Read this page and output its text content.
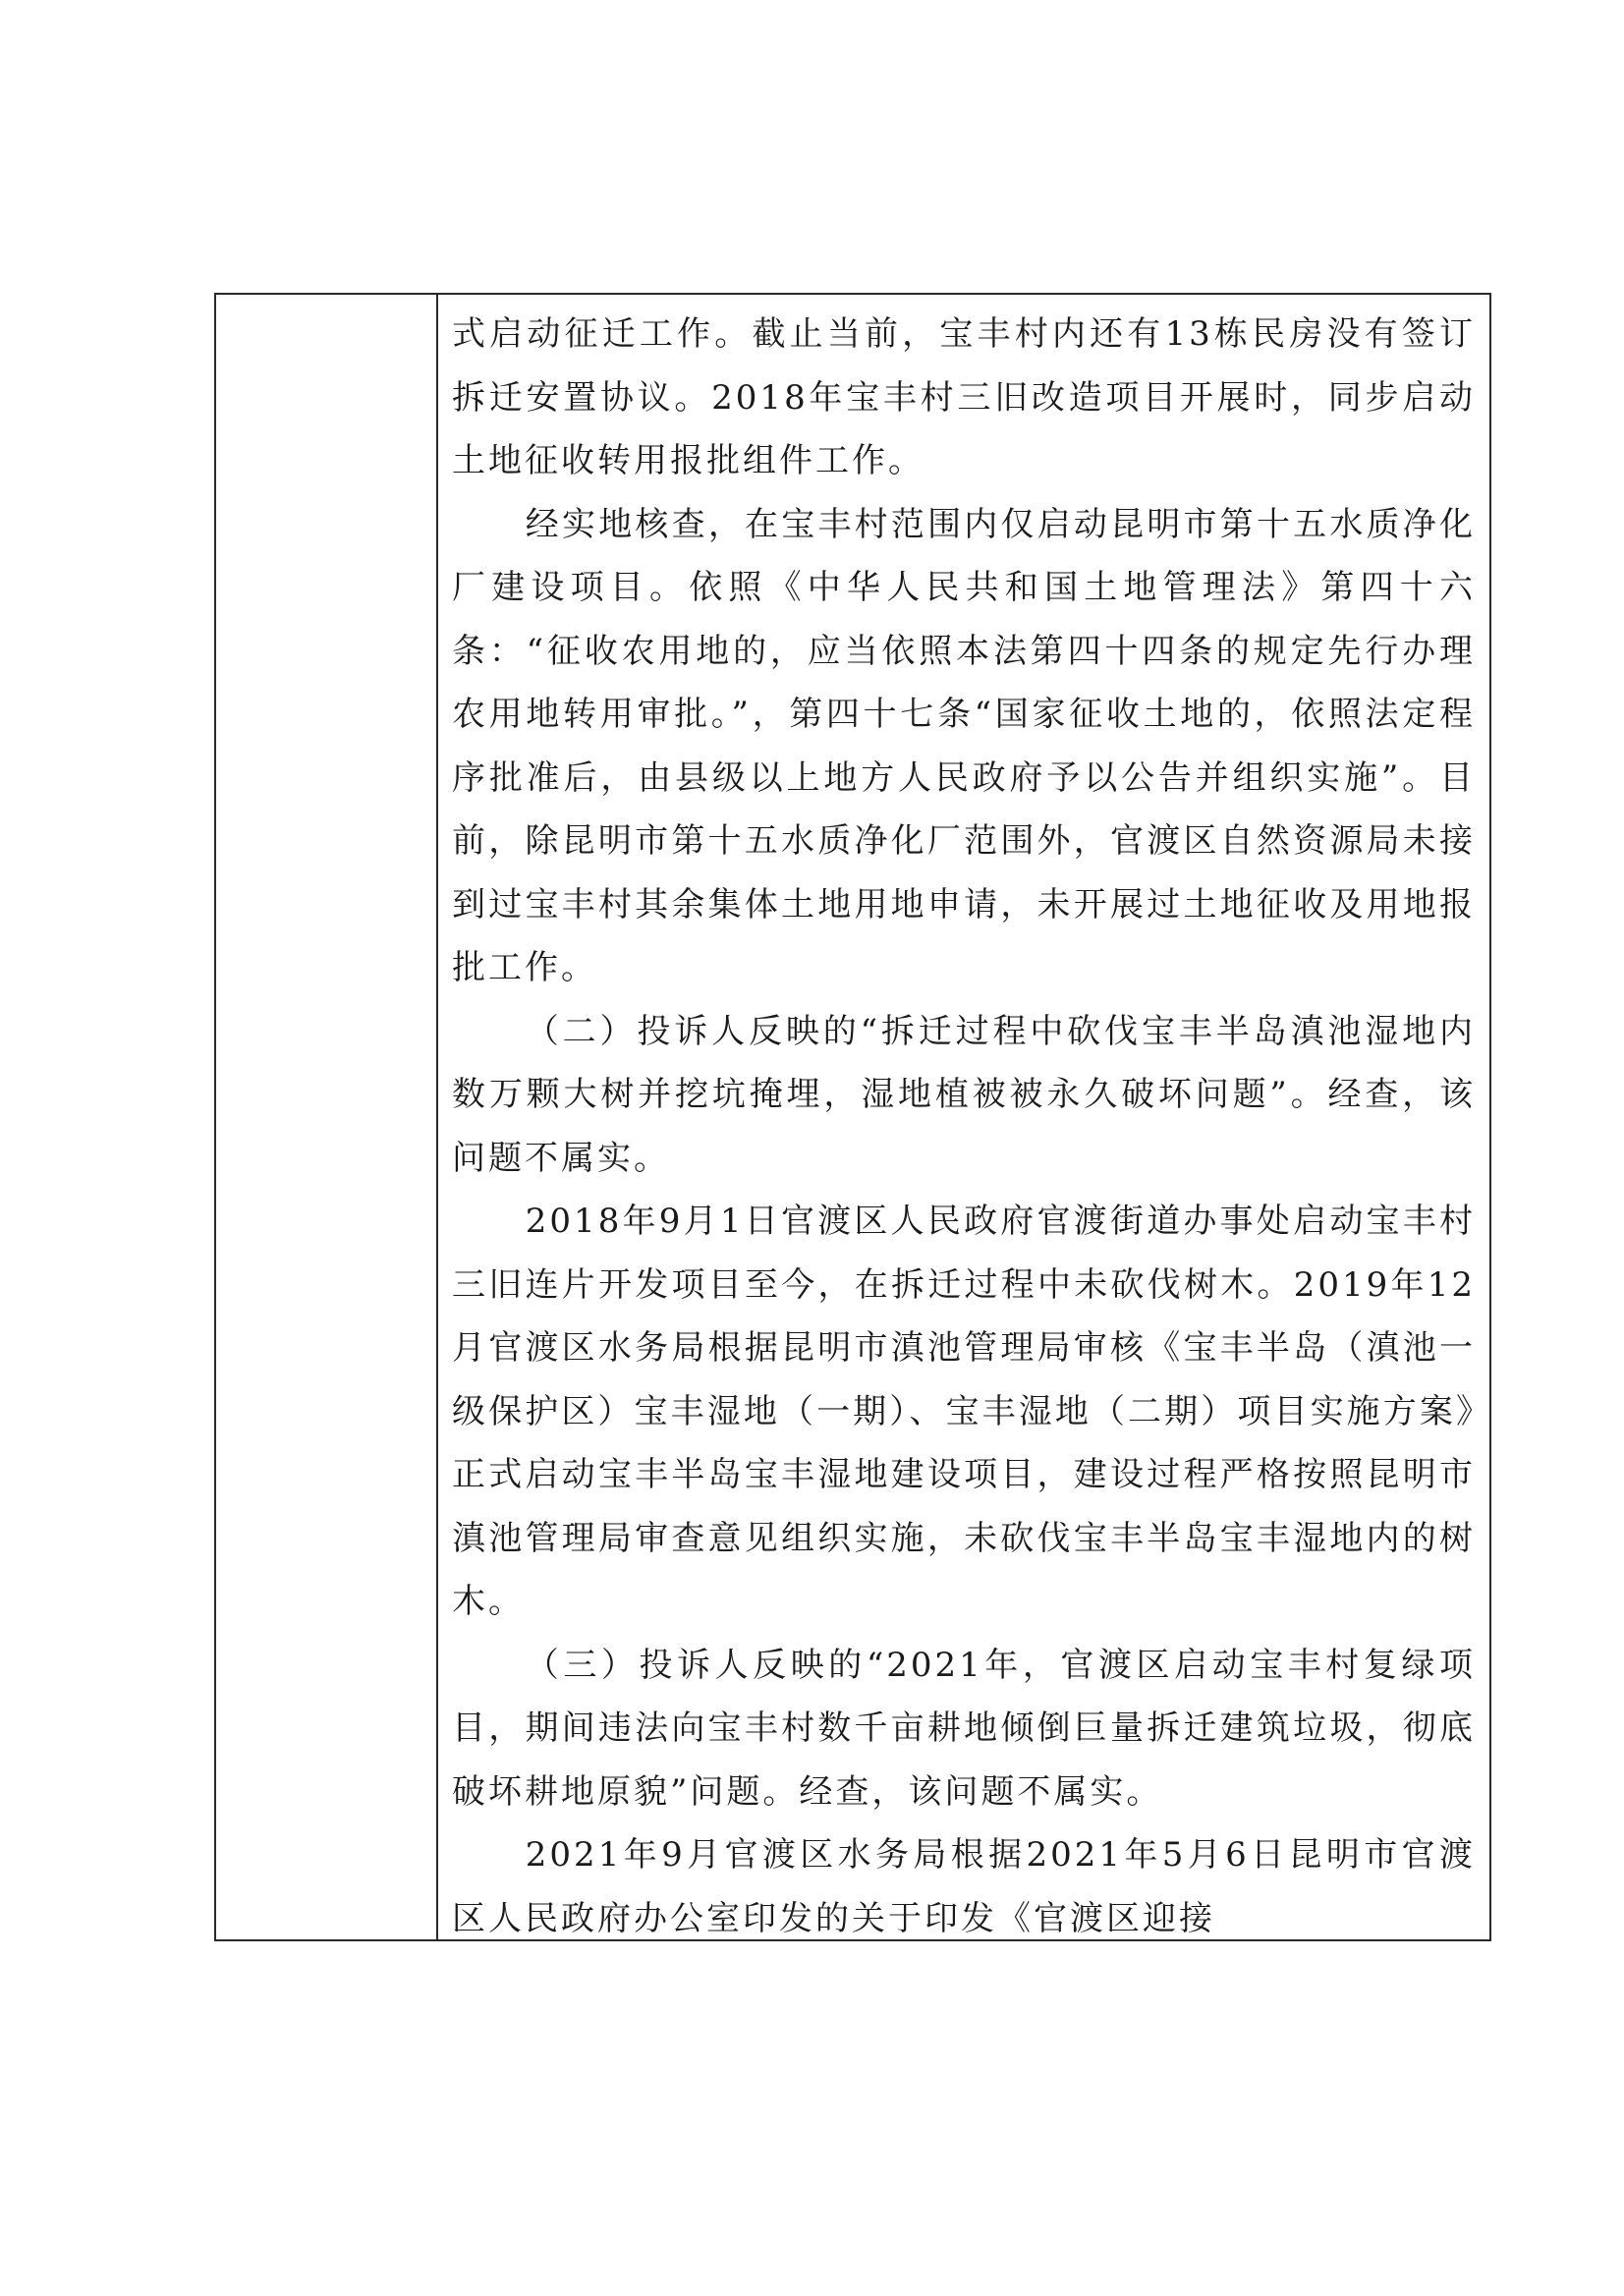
式启动征迁工作。截止当前，宝丰村内还有13栋民房没有签订拆迁安置协议。2018年宝丰村三旧改造项目开展时，同步启动土地征收转用报批组件工作。

经实地核查，在宝丰村范围内仅启动昆明市第十五水质净化厂建设项目。依照《中华人民共和国土地管理法》第四十六条：“征收农用地的，应当依照本法第四十四条的规定先行办理农用地转用审批。”，第四十七条“国家征收土地的，依照法定程序批准后，由县级以上地方人民政府予以公告并组织实施”。目前，除昆明市第十五水质净化厂范围外，官渡区自然资源局未接到过宝丰村其余集体土地用地申请，未开展过土地征收及用地报批工作。

（二）投诉人反映的“拆迁过程中砍伐宝丰半岛滇池湿地内数万颗大树并挖坑掩埋，湿地植被被永久破坏问题”。经查，该问题不属实。

2018年9月1日官渡区人民政府官渡街道办事处启动宝丰村三旧连片开发项目至今，在拆迁过程中未砍伐树木。2019年12月官渡区水务局根据昆明市滇池管理局审核《宝丰半岛（滇池一级保护区）宝丰湿地（一期）、宝丰湿地（二期）项目实施方案》正式启动宝丰半岛宝丰湿地建设项目，建设过程严格按照昆明市滇池管理局审查意见组织实施，未砍伐宝丰半岛宝丰湿地内的树木。

（三）投诉人反映的“2021年，官渡区启动宝丰村复绿项目，期间违法向宝丰村数千亩耕地倾倒巨量拆迁建筑垃圾，彻底破坏耕地原貌”问题。经查，该问题不属实。

2021年9月官渡区水务局根据2021年5月6日昆明市官渡区人民政府办公室印发的关于印发《官渡区迎接
